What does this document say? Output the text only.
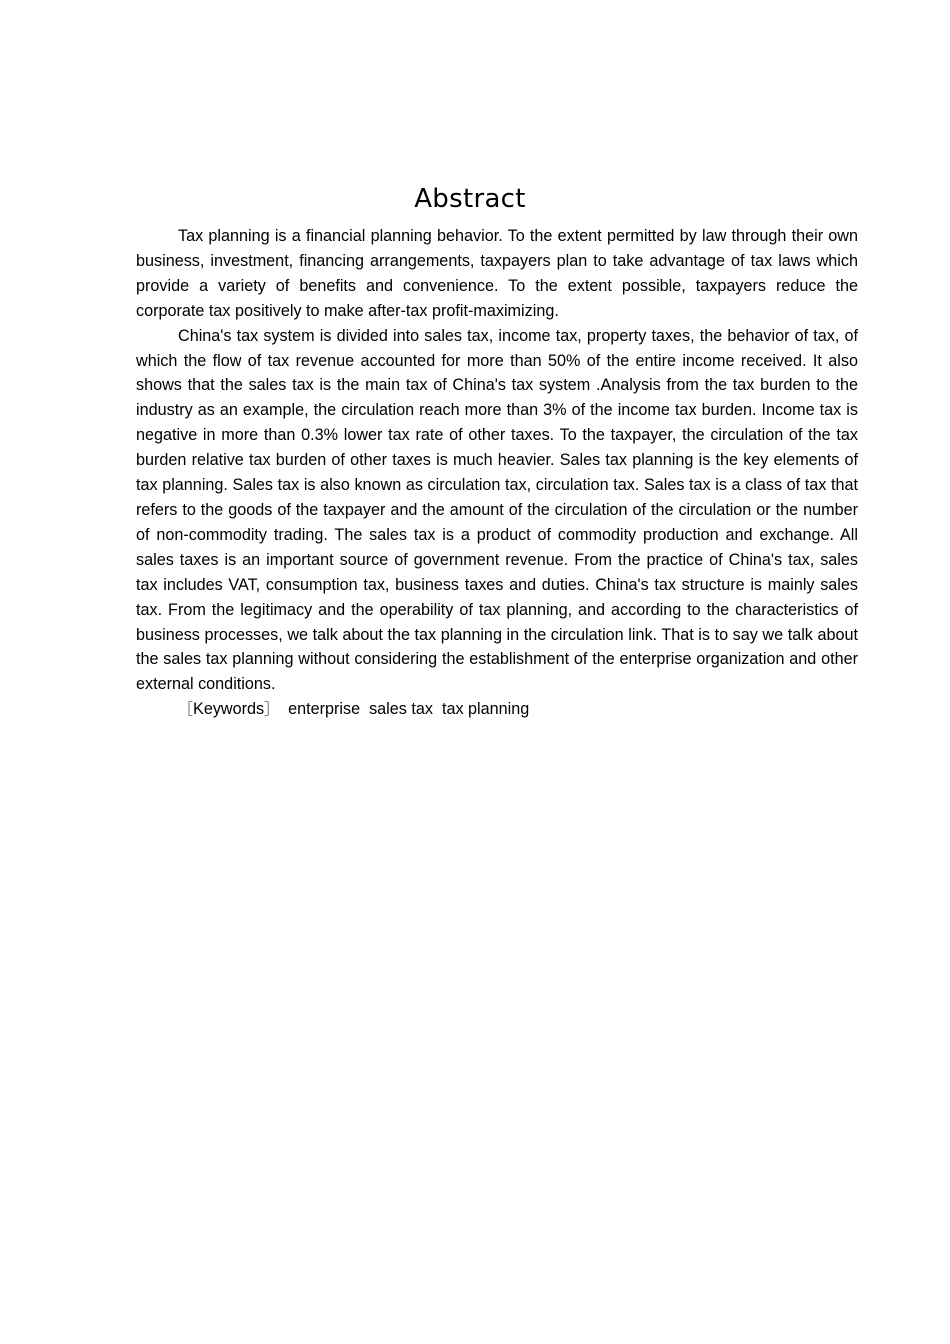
Abstract

Tax planning is a financial planning behavior. To the extent permitted by law through their own business, investment, financing arrangements, taxpayers plan to take advantage of tax laws which provide a variety of benefits and convenience. To the extent possible, taxpayers reduce the corporate tax positively to make after-tax profit-maximizing.

China's tax system is divided into sales tax, income tax, property taxes, the behavior of tax, of which the flow of tax revenue accounted for more than 50% of the entire income received. It also shows that the sales tax is the main tax of China's tax system .Analysis from the tax burden to the industry as an example, the circulation reach more than 3% of the income tax burden. Income tax is negative in more than 0.3% lower tax rate of other taxes. To the taxpayer, the circulation of the tax burden relative tax burden of other taxes is much heavier. Sales tax planning is the key elements of tax planning. Sales tax is also known as circulation tax, circulation tax. Sales tax is a class of tax that refers to the goods of the taxpayer and the amount of the circulation of the circulation or the number of non-commodity trading. The sales tax is a product of commodity production and exchange. All sales taxes is an important source of government revenue. From the practice of China's tax, sales tax includes VAT, consumption tax, business taxes and duties. China's tax structure is mainly sales tax. From the legitimacy and the operability of tax planning, and according to the characteristics of business processes, we talk about the tax planning in the circulation link. That is to say we talk about the sales tax planning without considering the establishment of the enterprise organization and other external conditions.

［Keywords］  enterprise  sales tax  tax planning
